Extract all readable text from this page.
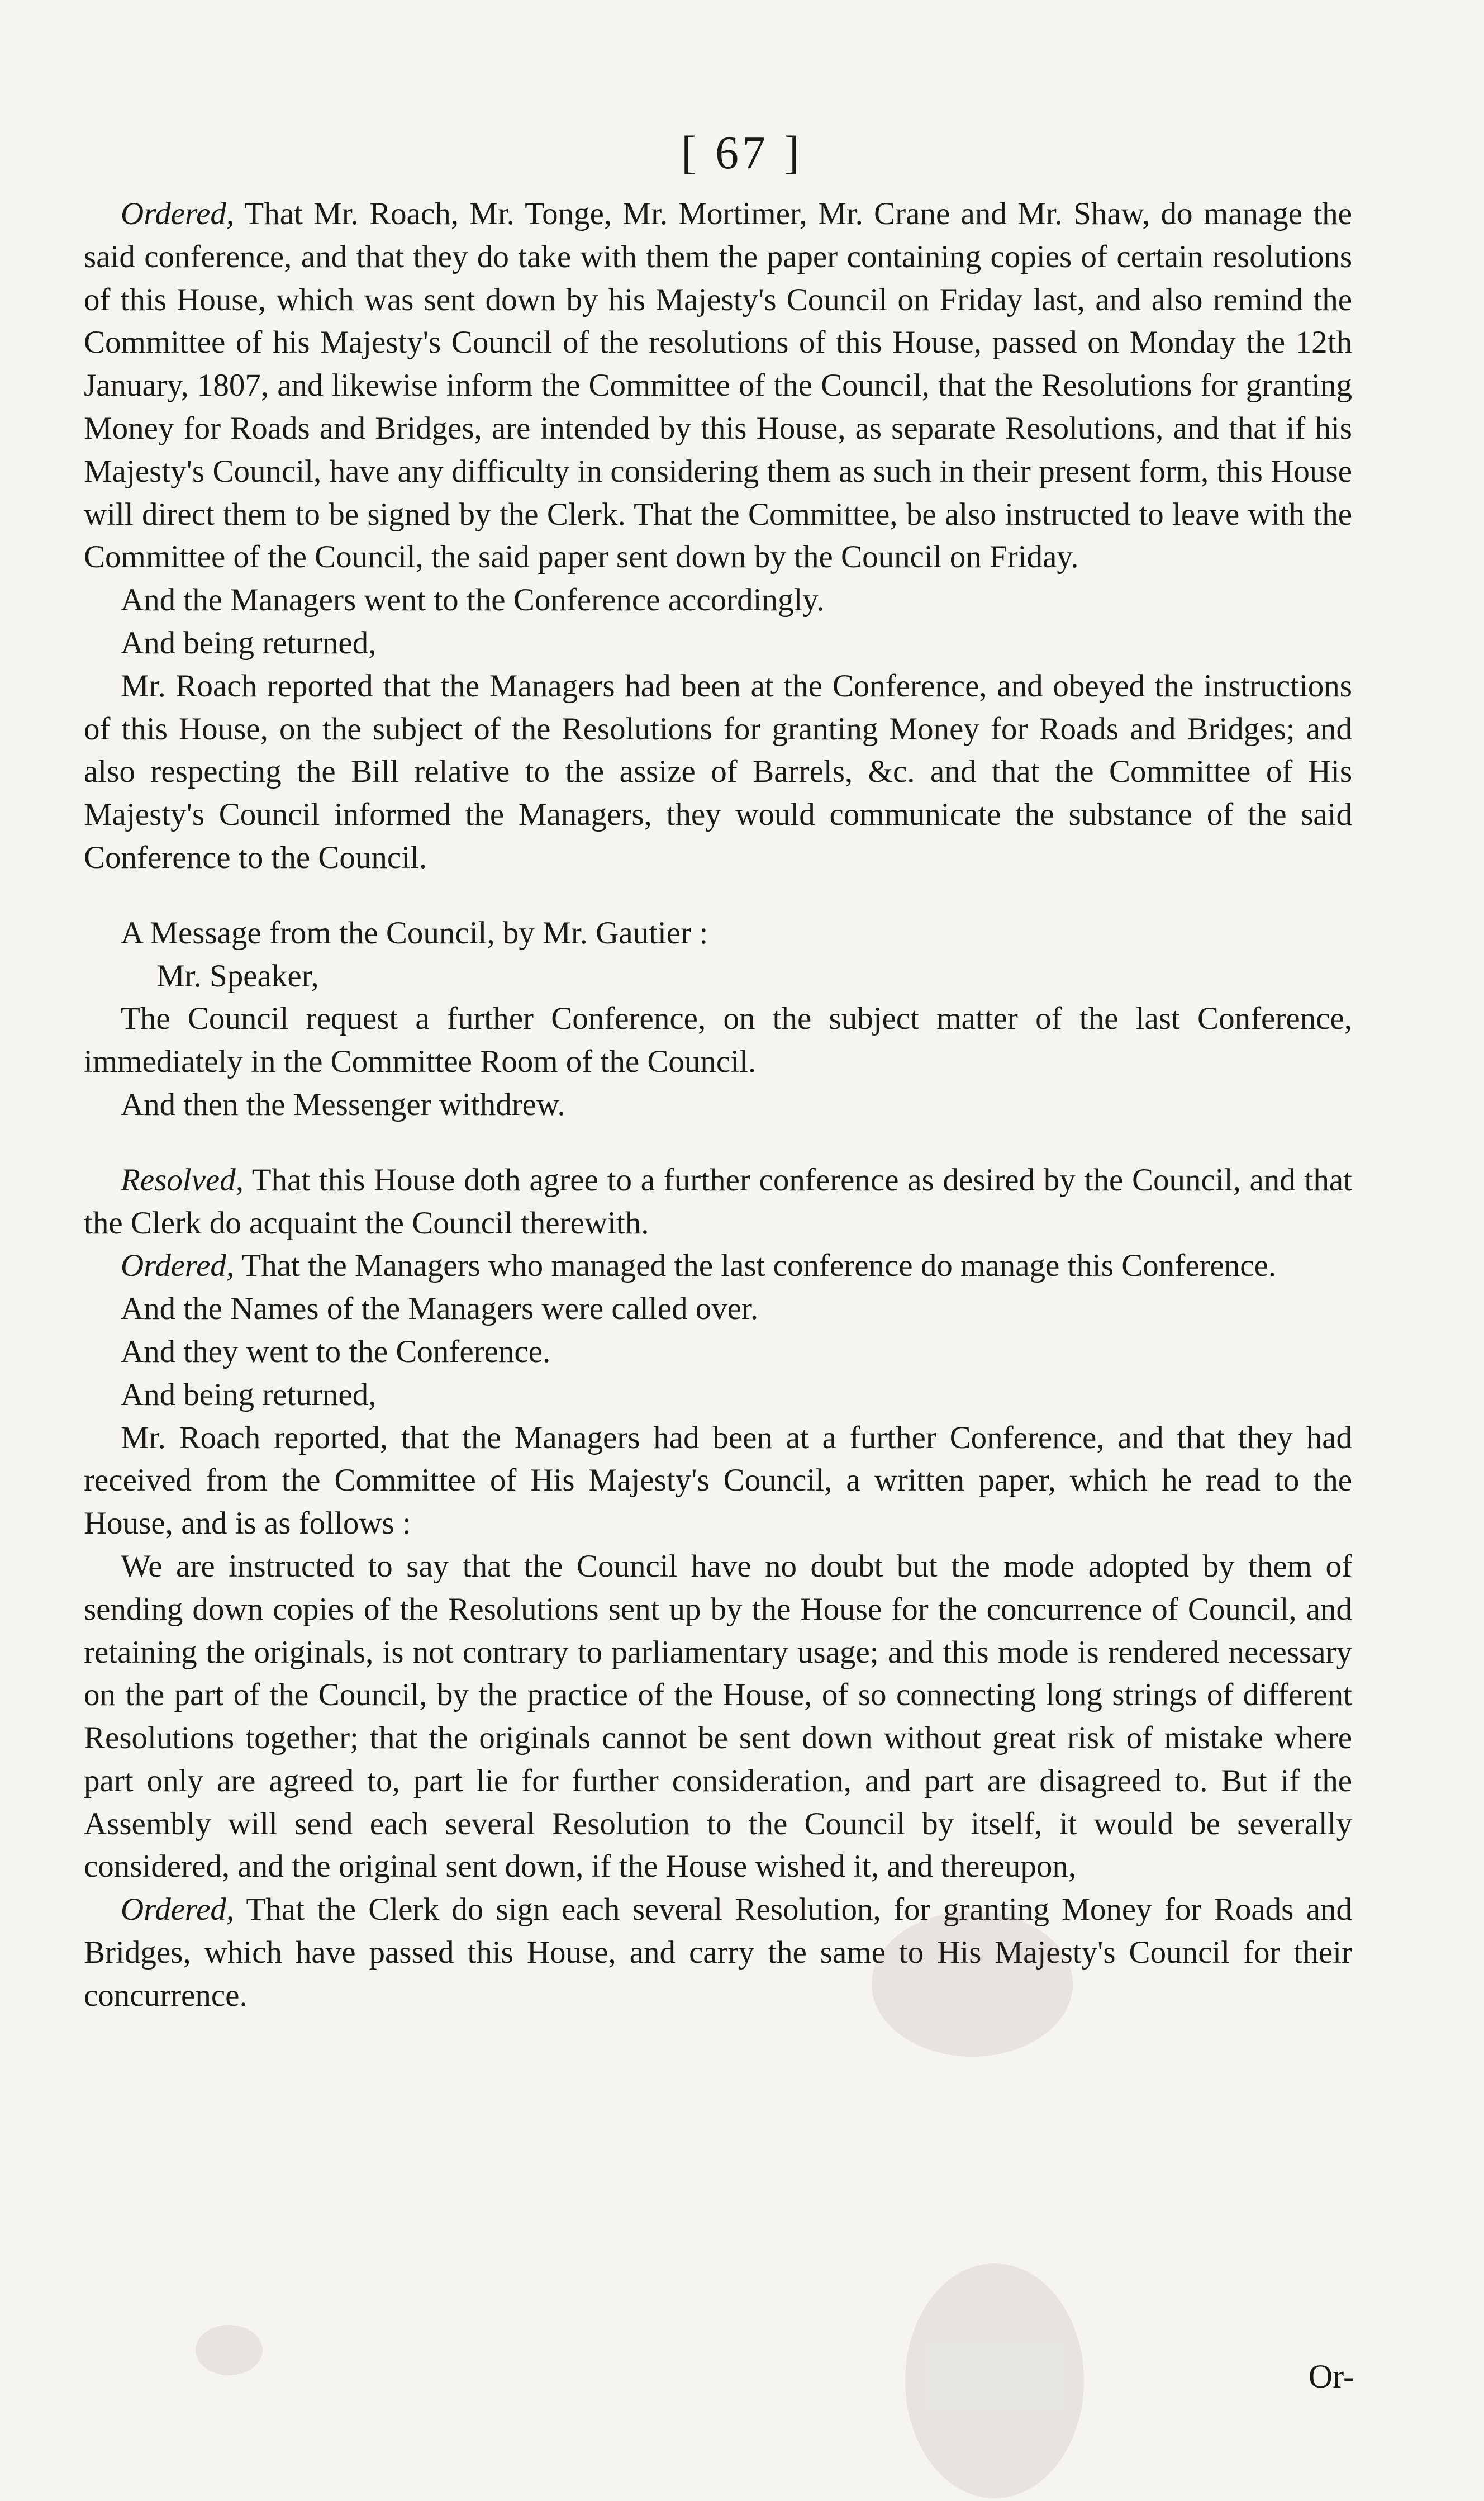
[ 67 ]

Ordered, That Mr. Roach, Mr. Tonge, Mr. Mortimer, Mr. Crane and Mr. Shaw, do manage the said conference, and that they do take with them the paper containing copies of certain resolutions of this House, which was sent down by his Majesty's Council on Friday last, and also remind the Committee of his Majesty's Council of the resolutions of this House, passed on Monday the 12th January, 1807, and likewise inform the Committee of the Council, that the Resolutions for granting Money for Roads and Bridges, are intended by this House, as separate Resolutions, and that if his Majesty's Council, have any difficulty in considering them as such in their present form, this House will direct them to be signed by the Clerk. That the Committee, be also instructed to leave with the Committee of the Council, the said paper sent down by the Council on Friday.

And the Managers went to the Conference accordingly.

And being returned,

Mr. Roach reported that the Managers had been at the Conference, and obeyed the instructions of this House, on the subject of the Resolutions for granting Money for Roads and Bridges; and also respecting the Bill relative to the assize of Barrels, &c. and that the Committee of His Majesty's Council informed the Managers, they would communicate the substance of the said Conference to the Council.

A Message from the Council, by Mr. Gautier :

Mr. Speaker,

The Council request a further Conference, on the subject matter of the last Conference, immediately in the Committee Room of the Council.

And then the Messenger withdrew.

Resolved, That this House doth agree to a further conference as desired by the Council, and that the Clerk do acquaint the Council therewith.

Ordered, That the Managers who managed the last conference do manage this Conference.

And the Names of the Managers were called over.

And they went to the Conference.

And being returned,

Mr. Roach reported, that the Managers had been at a further Conference, and that they had received from the Committee of His Majesty's Council, a written paper, which he read to the House, and is as follows :

We are instructed to say that the Council have no doubt but the mode adopted by them of sending down copies of the Resolutions sent up by the House for the concurrence of Council, and retaining the originals, is not contrary to parliamentary usage; and this mode is rendered necessary on the part of the Council, by the practice of the House, of so connecting long strings of different Resolutions together; that the originals cannot be sent down without great risk of mistake where part only are agreed to, part lie for further consideration, and part are disagreed to. But if the Assembly will send each several Resolution to the Council by itself, it would be severally considered, and the original sent down, if the House wished it, and thereupon,

Ordered, That the Clerk do sign each several Resolution, for granting Money for Roads and Bridges, which have passed this House, and carry the same to His Majesty's Council for their concurrence.

Or-
